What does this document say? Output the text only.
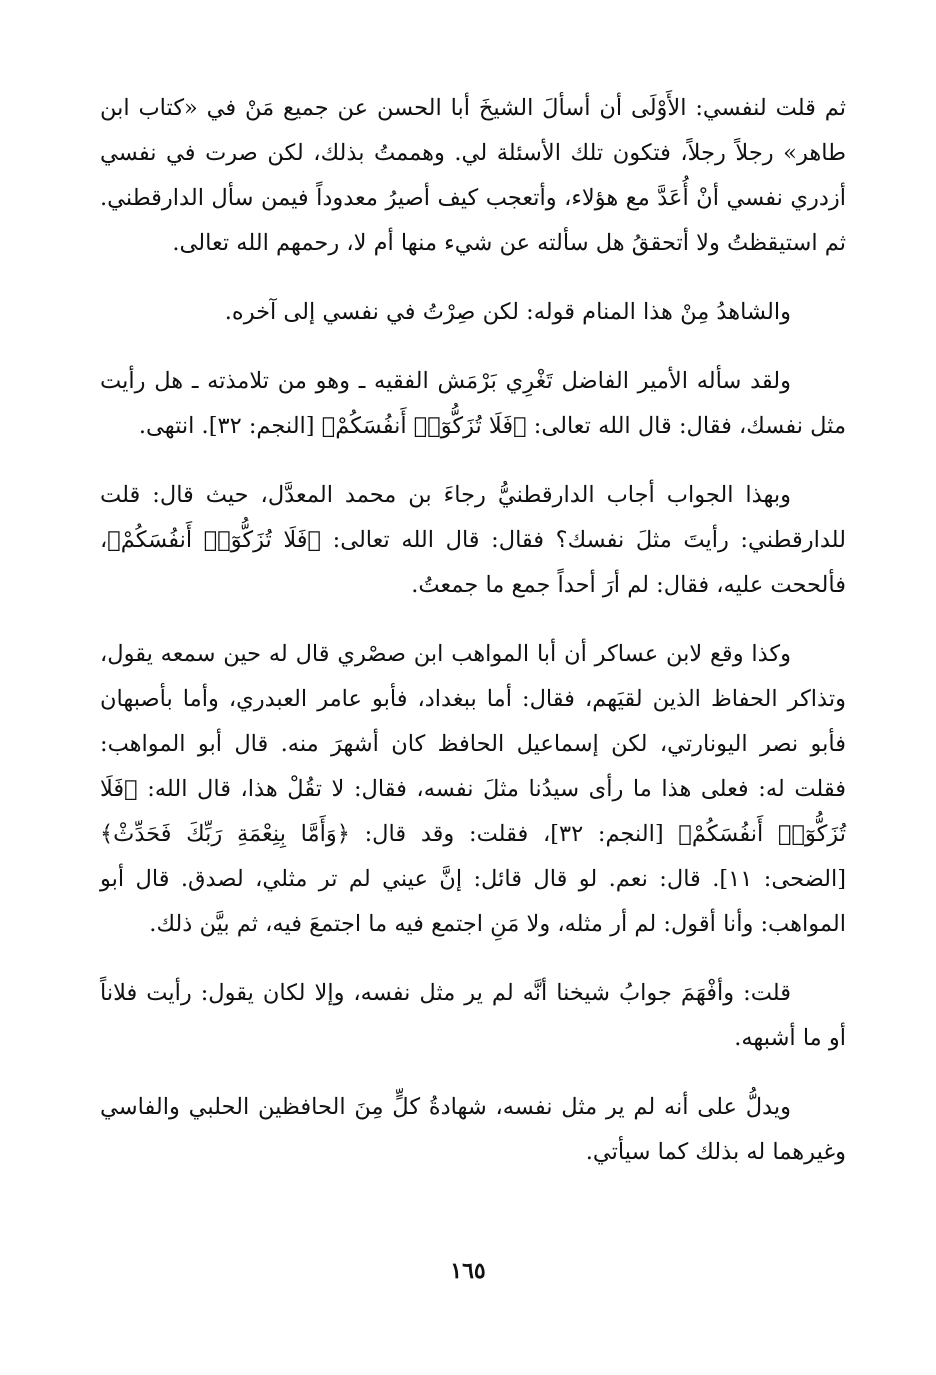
ثم قلت لنفسي: الأَوْلَى أن أسألَ الشيخَ أبا الحسن عن جميع مَنْ في «كتاب ابن طاهر» رجلاً رجلاً، فتكون تلك الأسئلة لي. وهممتُ بذلك، لكن صرت في نفسي أزدري نفسي أنْ أُعَدَّ مع هؤلاء، وأتعجب كيف أصيرُ معدوداً فيمن سأل الدارقطني. ثم استيقظتُ ولا أتحققُ هل سألته عن شيء منها أم لا، رحمهم الله تعالى.

والشاهدُ مِنْ هذا المنام قوله: لكن صِرْتُ في نفسي إلى آخره.

ولقد سأله الأمير الفاضل تَغْرِي بَرْمَش الفقيه ـ وهو من تلامذته ـ هل رأيت مثل نفسك، فقال: قال الله تعالى: ﴿فَلَا تُزَكُّوٓا۟ أَنفُسَكُمْ﴾ [النجم: ٣٢]. انتهى.

وبهذا الجواب أجاب الدارقطنيُّ رجاءَ بن محمد المعدَّل، حيث قال: قلت للدارقطني: رأيتَ مثلَ نفسك؟ فقال: قال الله تعالى: ﴿فَلَا تُزَكُّوٓا۟ أَنفُسَكُمْ﴾، فألححت عليه، فقال: لم أرَ أحداً جمع ما جمعتُ.

وكذا وقع لابن عساكر أن أبا المواهب ابن صصْري قال له حين سمعه يقول، وتذاكر الحفاظ الذين لقيَهم، فقال: أما ببغداد، فأبو عامر العبدري، وأما بأصبهان فأبو نصر اليونارتي، لكن إسماعيل الحافظ كان أشهرَ منه. قال أبو المواهب: فقلت له: فعلى هذا ما رأى سيدُنا مثلَ نفسه، فقال: لا تقُلْ هذا، قال الله: ﴿فَلَا تُزَكُّوٓا۟ أَنفُسَكُمْ﴾ [النجم: ٣٢]، فقلت: وقد قال: ﴿وَأَمَّا بِنِعْمَةِ رَبِّكَ فَحَدِّثْ﴾ [الضحى: ١١]. قال: نعم. لو قال قائل: إنَّ عيني لم تر مثلي، لصدق. قال أبو المواهب: وأنا أقول: لم أر مثله، ولا مَنِ اجتمع فيه ما اجتمعَ فيه، ثم بيَّن ذلك.

قلت: وأفْهَمَ جوابُ شيخنا أنَّه لم ير مثل نفسه، وإلا لكان يقول: رأيت فلاناً أو ما أشبهه.

ويدلُّ على أنه لم ير مثل نفسه، شهادةُ كلٍّ مِنَ الحافظين الحلبي والفاسي وغيرهما له بذلك كما سيأتي.

١٦٥
